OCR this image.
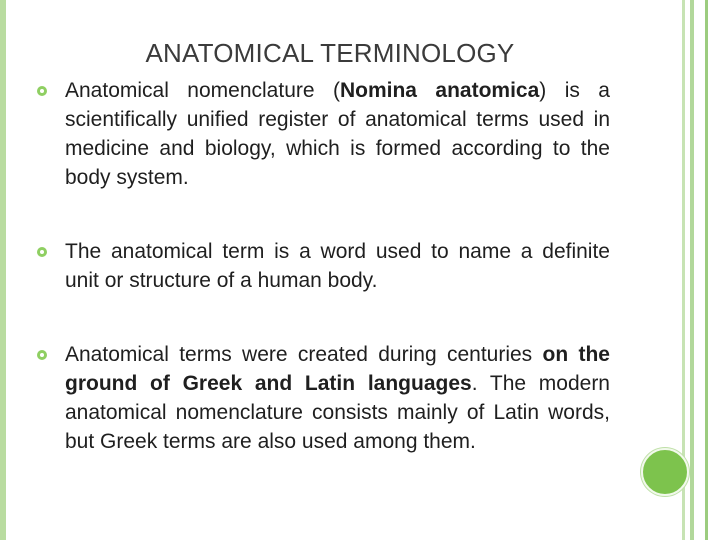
ANATOMICAL TERMINOLOGY
Anatomical nomenclature (Nomina anatomica) is a scientifically unified register of anatomical terms used in medicine and biology, which is formed according to the body system.
The anatomical term is a word used to name a definite unit or structure of a human body.
Anatomical terms were created during centuries on the ground of Greek and Latin languages. The modern anatomical nomenclature consists mainly of Latin words, but Greek terms are also used among them.
